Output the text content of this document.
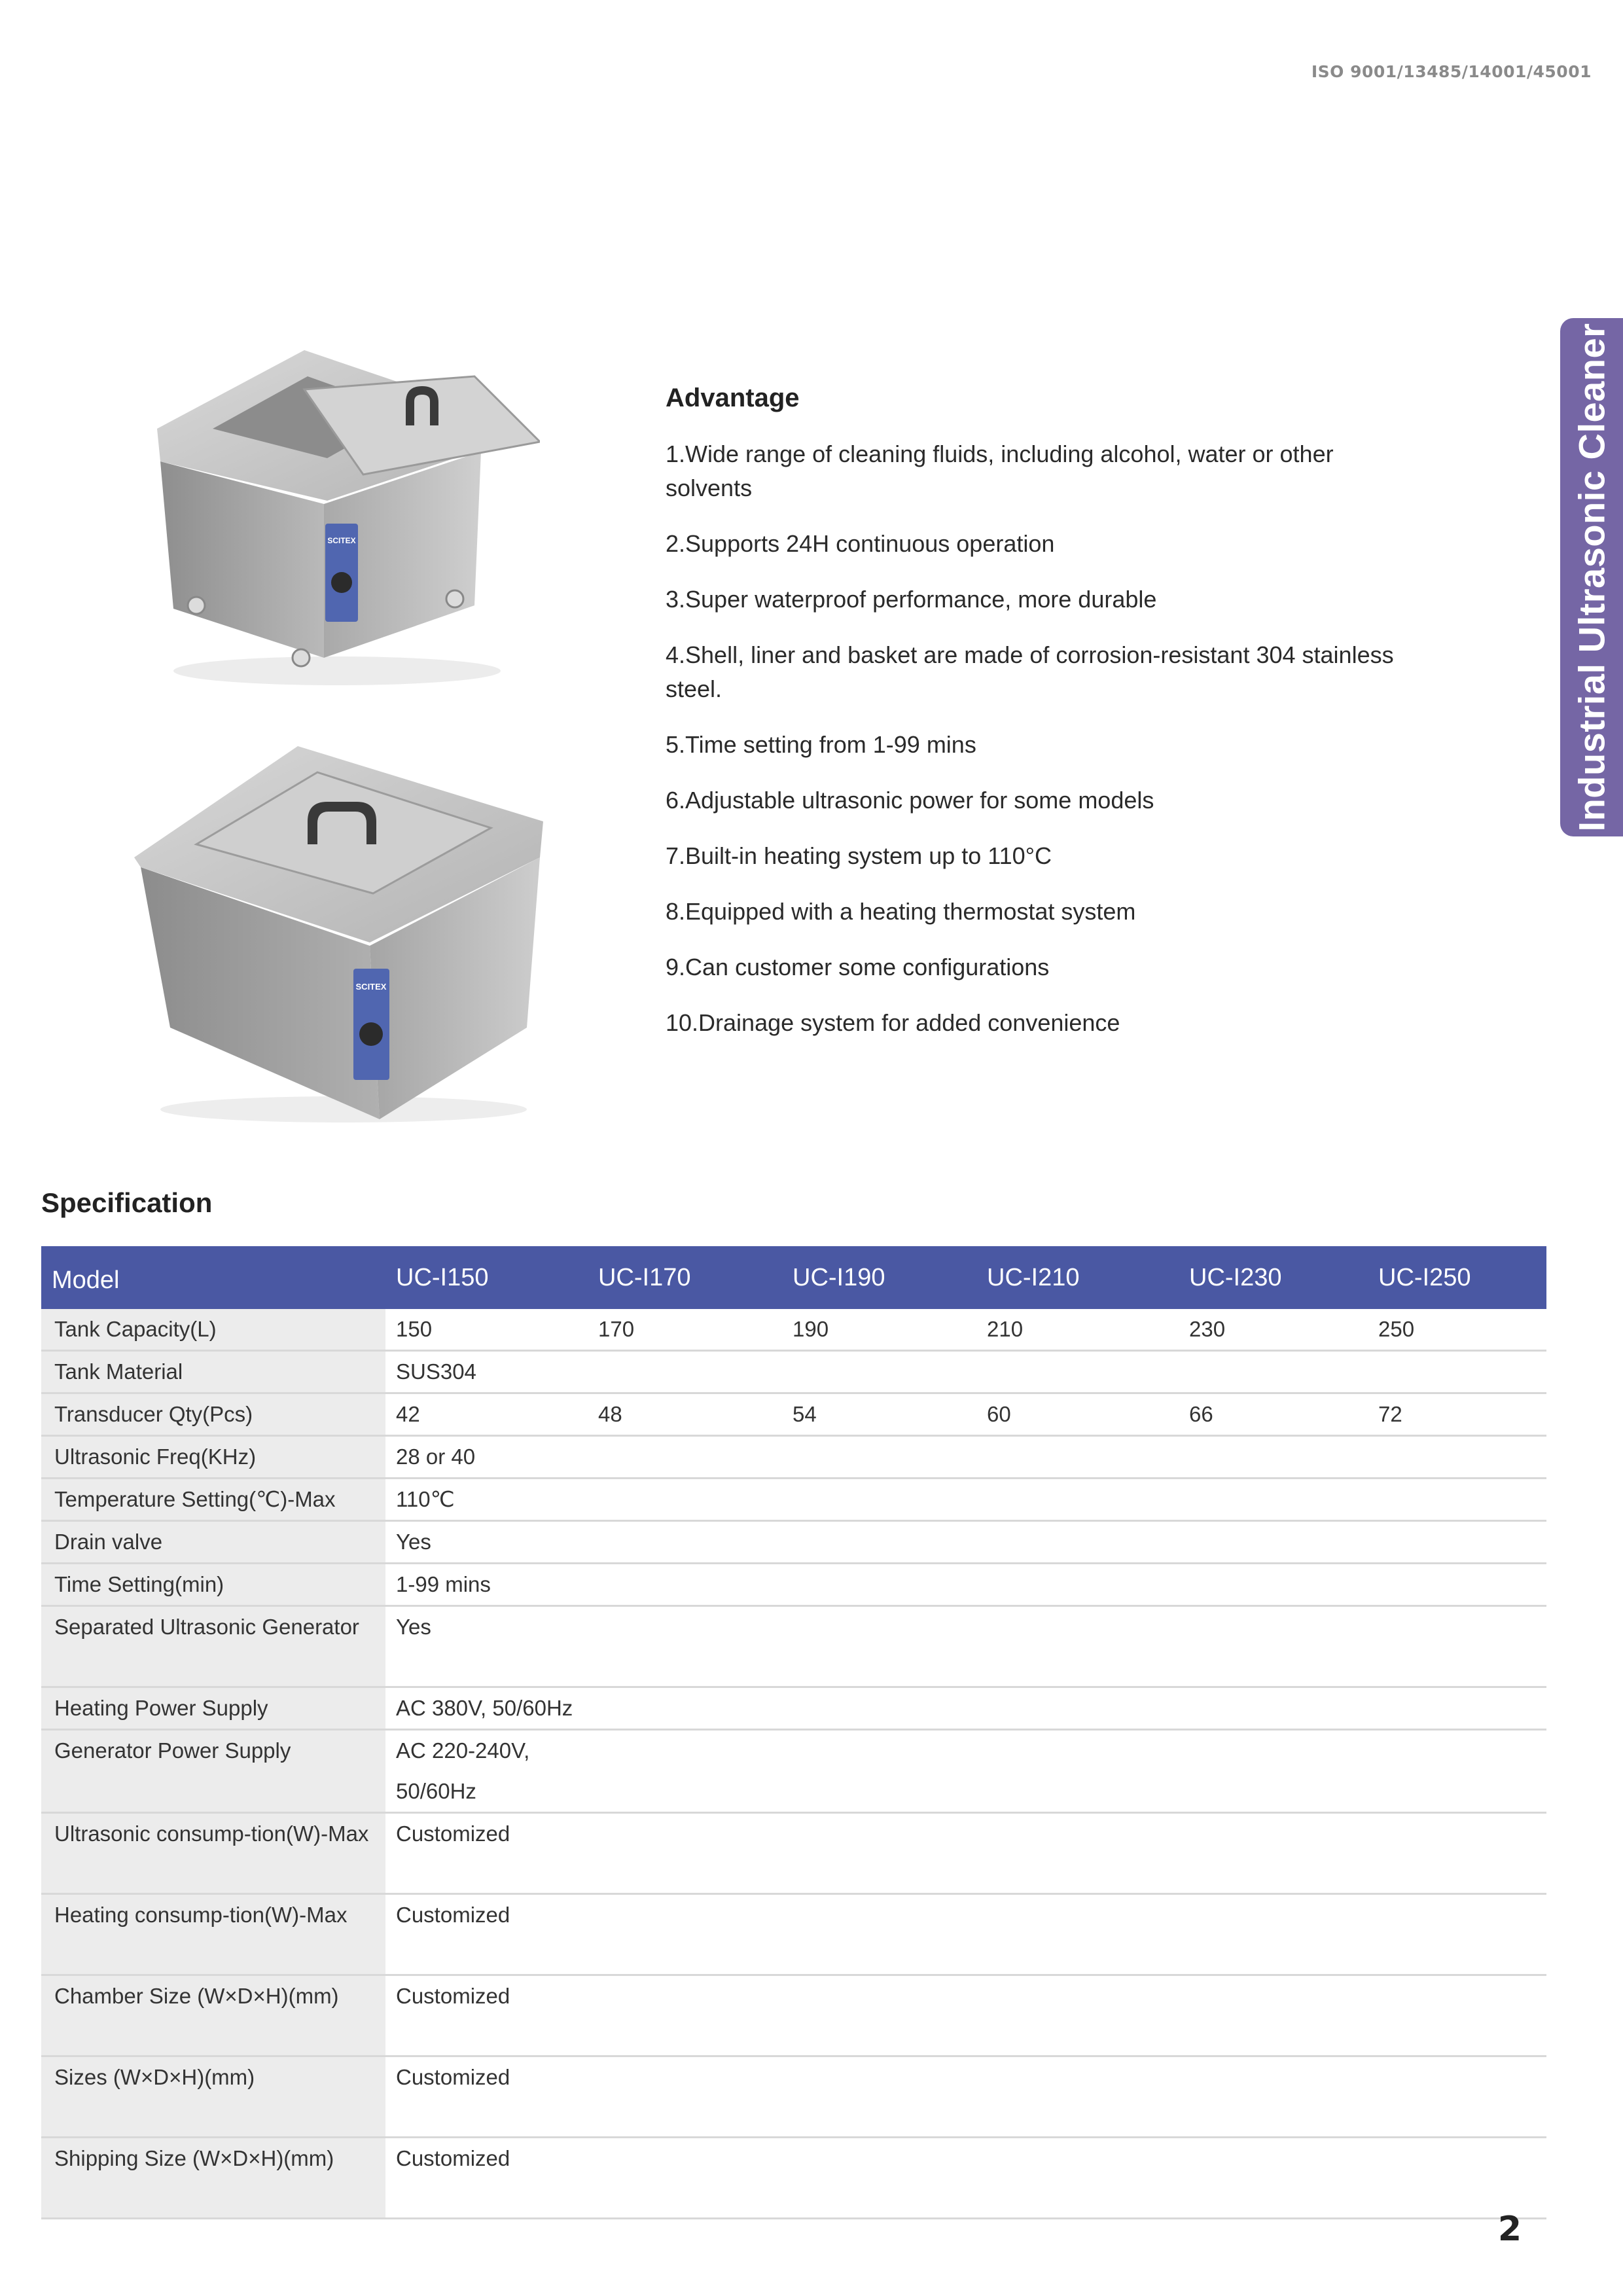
ISO 9001/13485/14001/45001
Industrial Ultrasonic Cleaner
SCITEX
SCITEX
Advantage
1.Wide range of cleaning fluids, including alcohol, water or other solvents
2.Supports 24H continuous operation
3.Super waterproof performance, more durable
4.Shell, liner and basket are made of corrosion-resistant 304 stainless steel.
5.Time setting from 1-99 mins
6.Adjustable ultrasonic power for some models
7.Built-in heating system up to 110°C
8.Equipped with a heating thermostat system
9.Can customer some configurations
10.Drainage system for added convenience
Specification
Model	UC-I150	UC-I170	UC-I190	UC-I210	UC-I230	UC-I250
Tank Capacity(L)	150	170	190	210	230	250
Tank Material	SUS304					
Transducer Qty(Pcs)	42	48	54	60	66	72
Ultrasonic Freq(KHz)	28 or 40					
Temperature Setting(℃)-Max	110℃					
Drain valve	Yes					
Time Setting(min)	1-99 mins					
Separated Ultrasonic Generator	Yes					
Heating Power Supply	AC 380V, 50/60Hz					
Generator Power Supply	AC 220-240V, 50/60Hz					
Ultrasonic consump-tion(W)-Max	Customized					
Heating consump-tion(W)-Max	Customized					
Chamber Size (W×D×H)(mm)	Customized					
Sizes (W×D×H)(mm)	Customized					
Shipping Size (W×D×H)(mm)	Customized					
2
